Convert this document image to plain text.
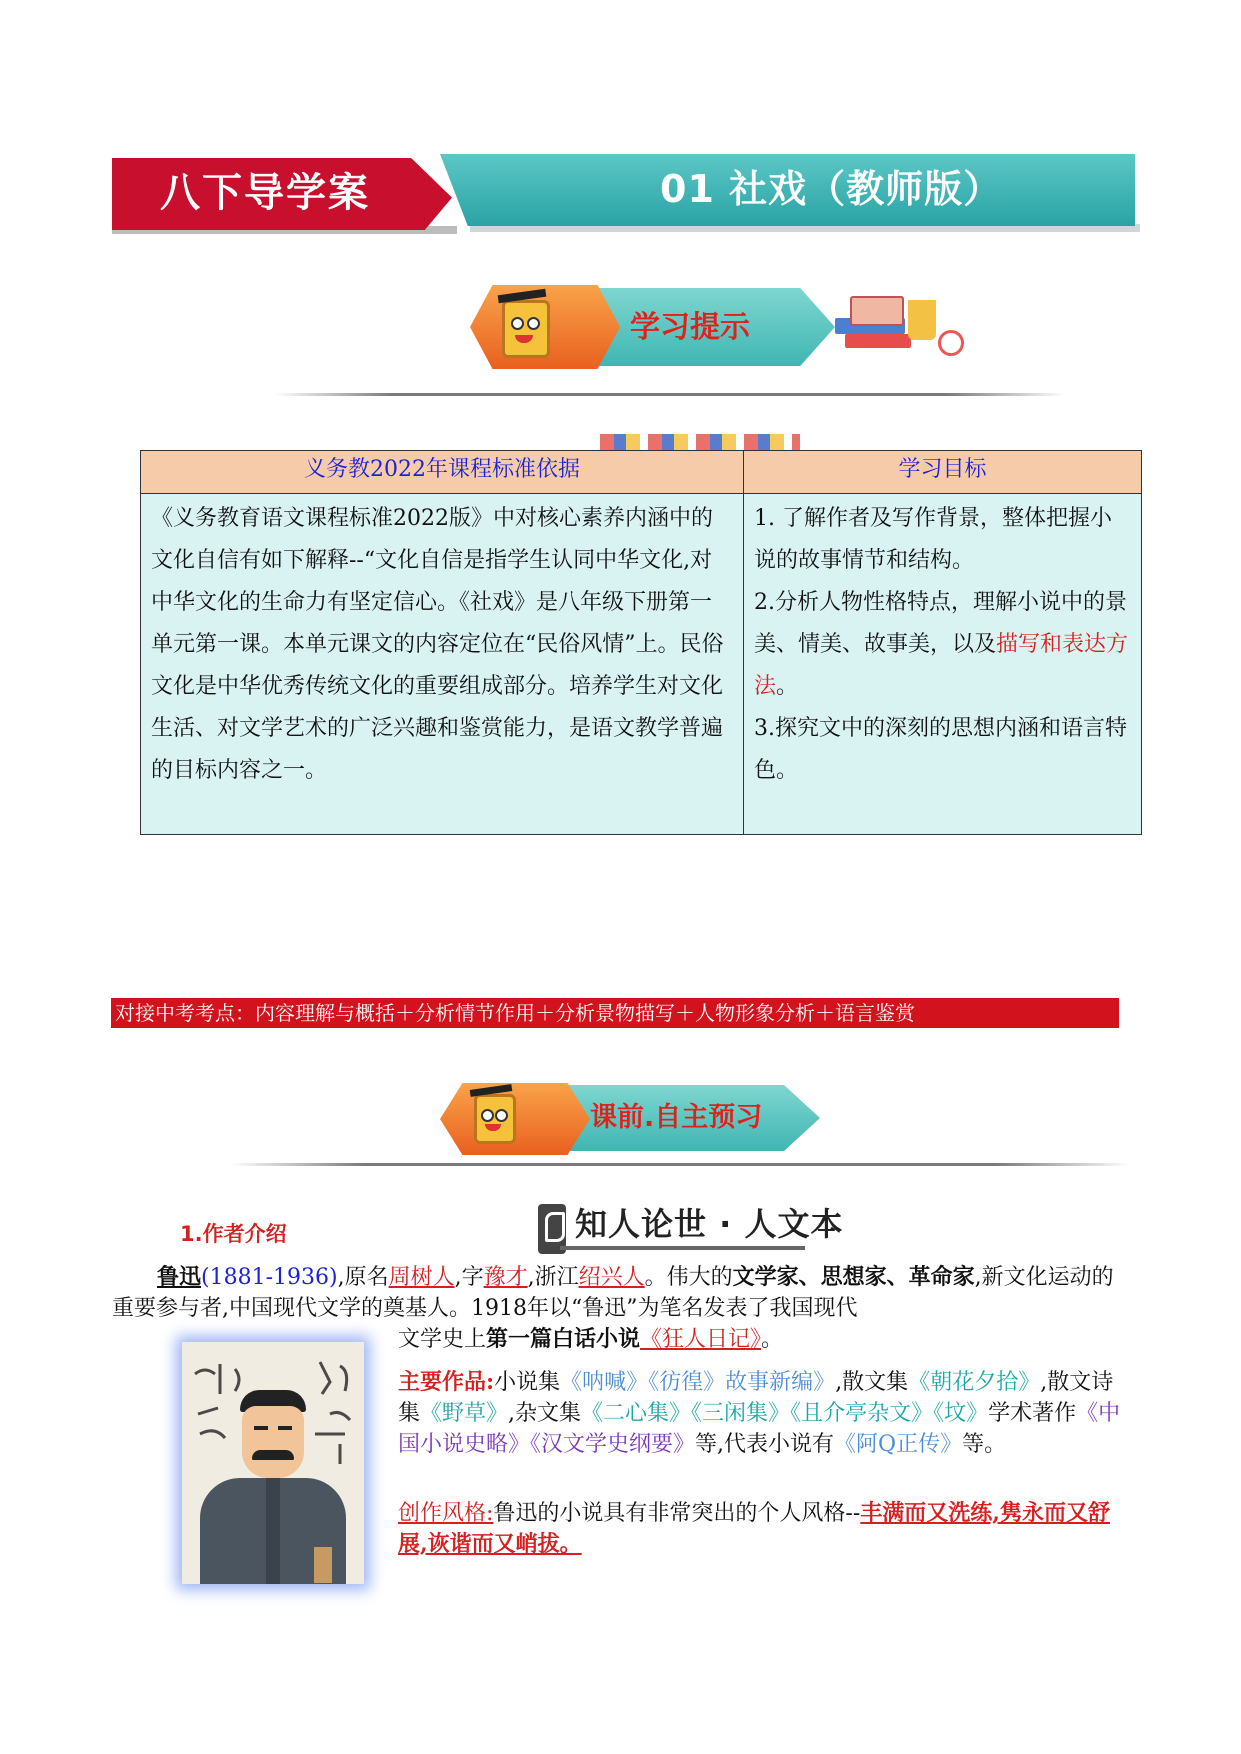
八下导学案	01 社戏（教师版）
学习提示
义务教2022年课程标准依据	学习目标
《义务教育语文课程标准2022版》中对核心素养内涵中的文化自信有如下解释--“文化自信是指学生认同中华文化,对中华文化的生命力有坚定信心。《社戏》是八年级下册第一单元第一课。本单元课文的内容定位在“民俗风情”上。民俗文化是中华优秀传统文化的重要组成部分。培养学生对文化生活、对文学艺术的广泛兴趣和鉴赏能力，是语文教学普遍的目标内容之一。	1. 了解作者及写作背景，整体把握小说的故事情节和结构。
2.分析人物性格特点，理解小说中的景美、情美、故事美，以及描写和表达方法。
3.探究文中的深刻的思想内涵和语言特色。
对接中考考点：内容理解与概括＋分析情节作用＋分析景物描写＋人物形象分析＋语言鉴赏
课前.自主预习
1.作者介绍	知人论世 · 人文本
鲁迅(1881-1936),原名周树人,字豫才,浙江绍兴人。伟大的文学家、思想家、革命家,新文化运动的重要参与者,中国现代文学的奠基人。1918年以“鲁迅”为笔名发表了我国现代
文学史上第一篇白话小说《狂人日记》。
主要作品:小说集《呐喊》《彷徨》故事新编》,散文集《朝花夕拾》,散文诗集《野草》,杂文集《二心集》《三闲集》《且介亭杂文》《坟》学术著作《中国小说史略》《汉文学史纲要》等,代表小说有《阿Q正传》等。
创作风格:鲁迅的小说具有非常突出的个人风格--丰满而又洗练,隽永而又舒展,诙谐而又峭拔。
